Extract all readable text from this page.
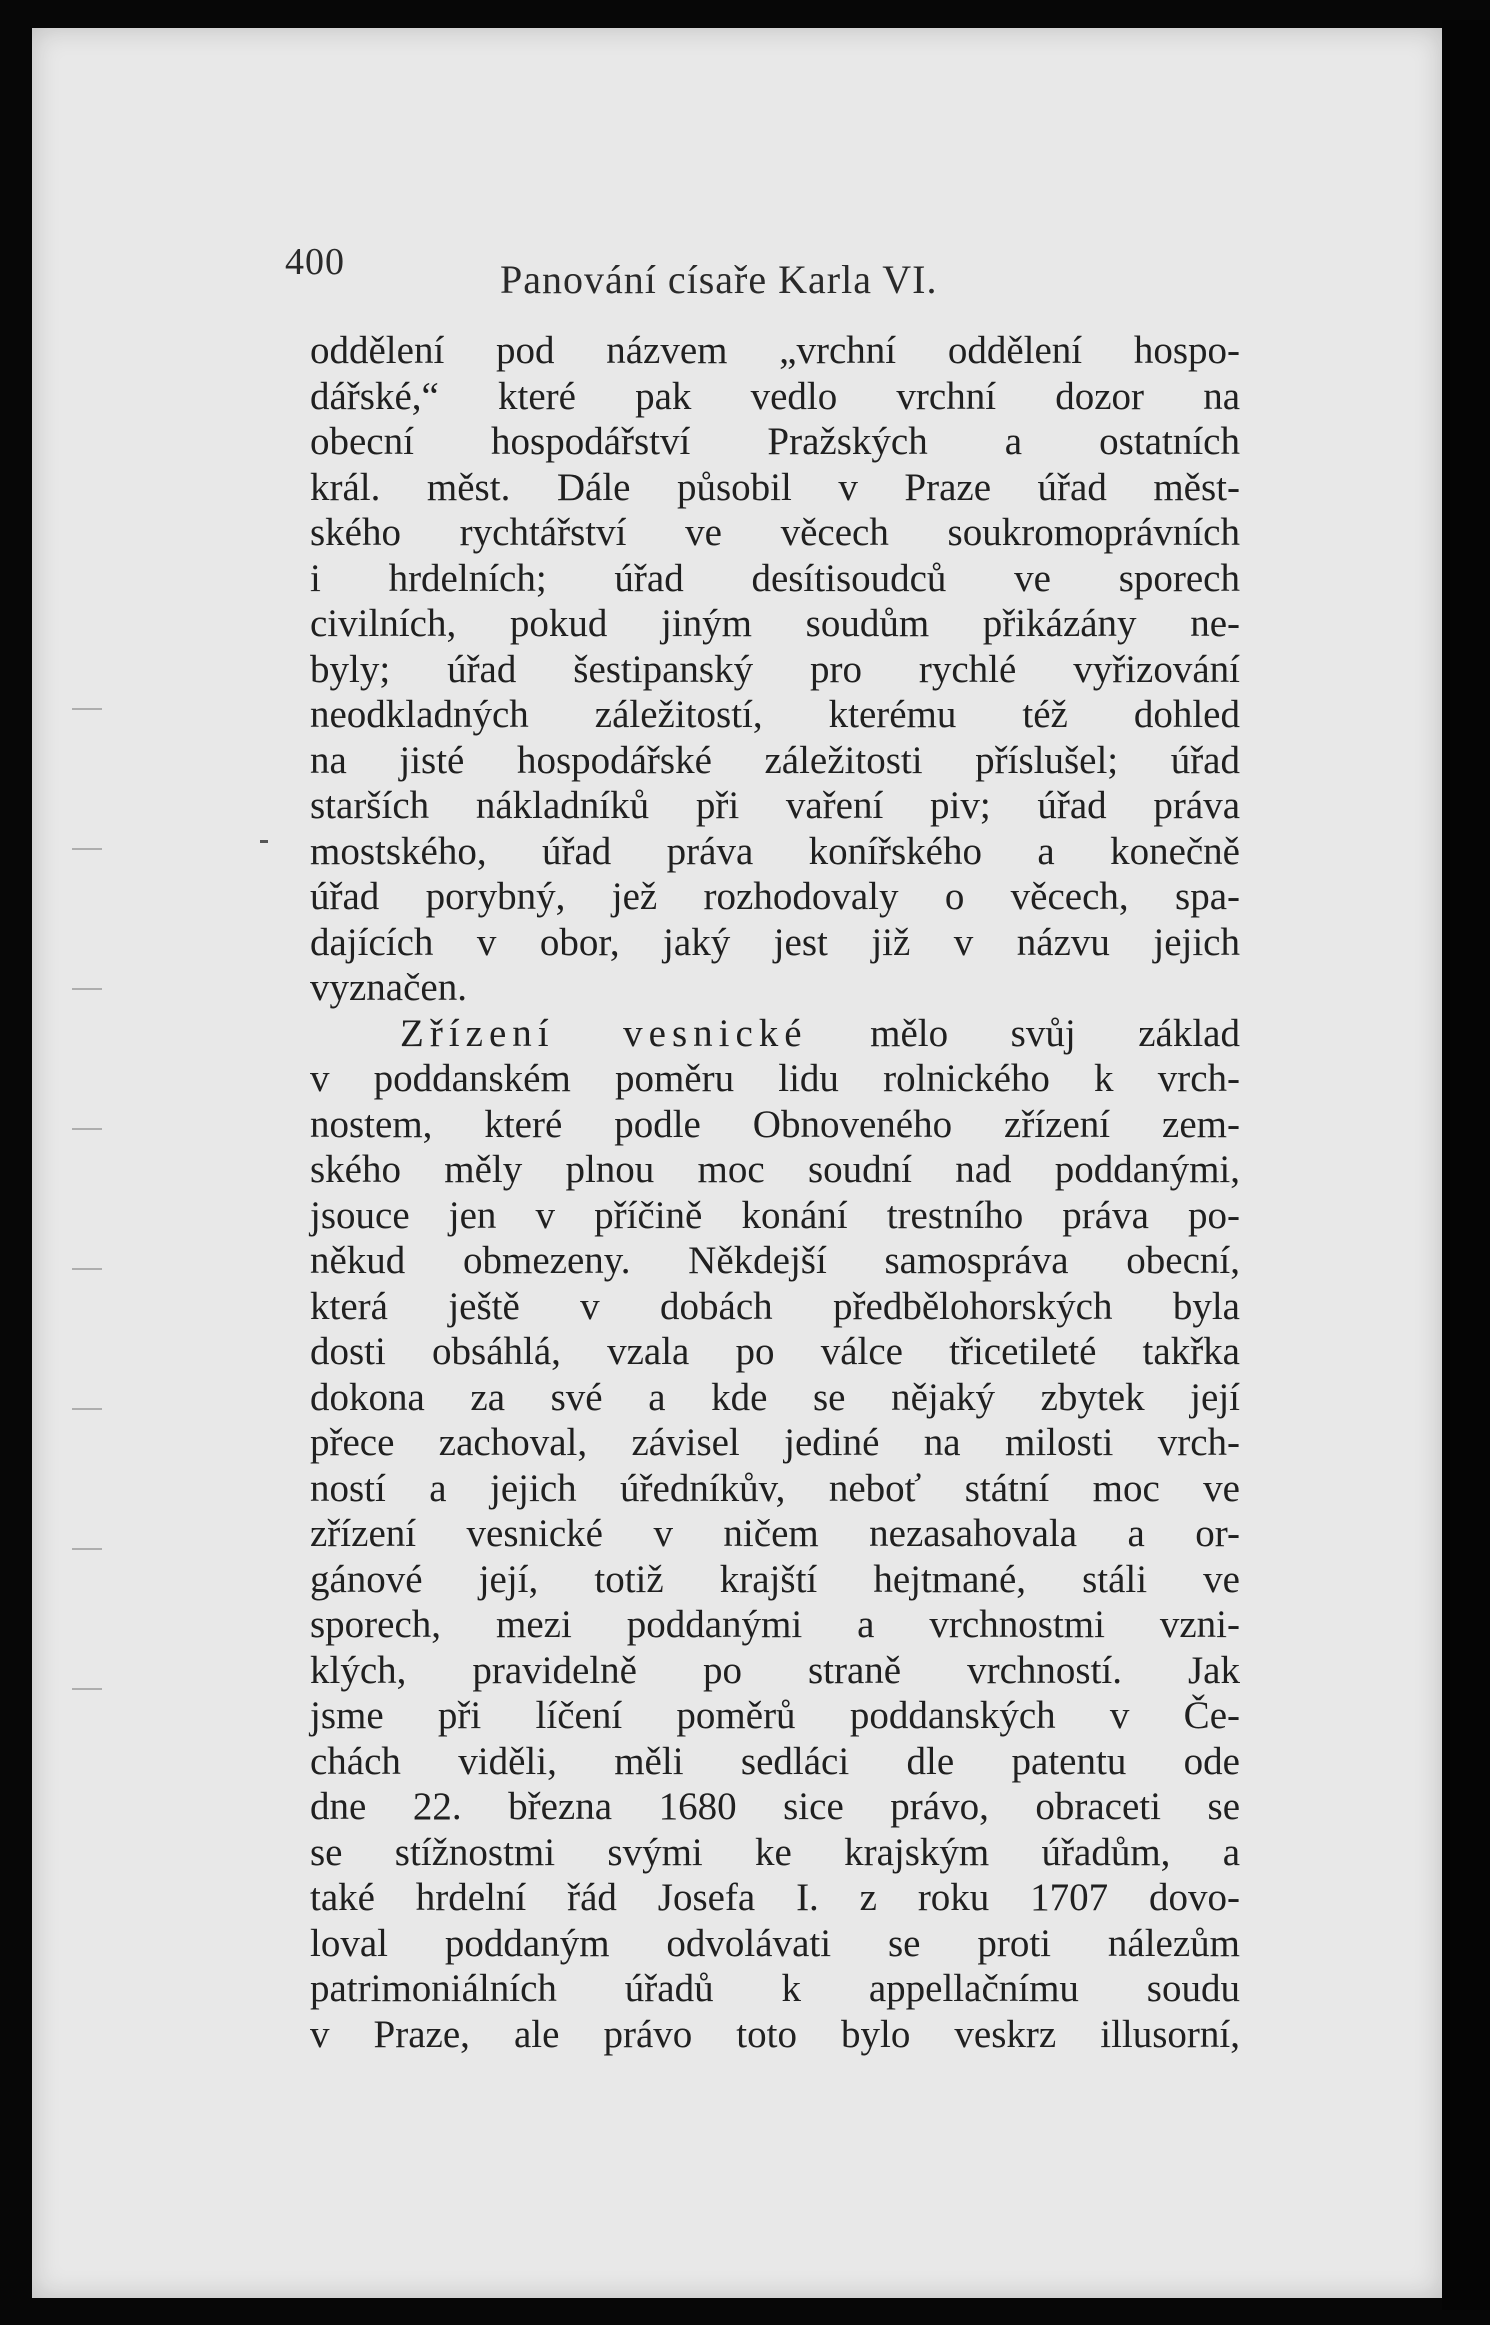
400	Panování císaře Karla VI.
oddělení pod názvem „vrchní oddělení hospo-
dářské,“ které pak vedlo vrchní dozor na
obecní hospodářství Pražských a ostatních
král. měst. Dále působil v Praze úřad měst-
ského rychtářství ve věcech soukromoprávních
i hrdelních; úřad desítisoudců ve sporech
civilních, pokud jiným soudům přikázány ne-
byly; úřad šestipanský pro rychlé vyřizování
neodkladných záležitostí, kterému též dohled
na jisté hospodářské záležitosti příslušel; úřad
starších nákladníků při vaření piv; úřad práva
mostského, úřad práva konířského a konečně
úřad porybný, jež rozhodovaly o věcech, spa-
dajících v obor, jaký jest již v názvu jejich
vyznačen.
Zřízení vesnické mělo svůj základ
v poddanském poměru lidu rolnického k vrch-
nostem, které podle Obnoveného zřízení zem-
ského měly plnou moc soudní nad poddanými,
jsouce jen v příčině konání trestního práva po-
někud obmezeny. Někdejší samospráva obecní,
která ještě v dobách předbělohorských byla
dosti obsáhlá, vzala po válce třicetileté takřka
dokona za své a kde se nějaký zbytek její
přece zachoval, závisel jediné na milosti vrch-
ností a jejich úředníkův, neboť státní moc ve
zřízení vesnické v ničem nezasahovala a or-
gánové její, totiž krajští hejtmané, stáli ve
sporech, mezi poddanými a vrchnostmi vzni-
klých, pravidelně po straně vrchností. Jak
jsme při líčení poměrů poddanských v Če-
chách viděli, měli sedláci dle patentu ode
dne 22. března 1680 sice právo, obraceti se
se stížnostmi svými ke krajským úřadům, a
také hrdelní řád Josefa I. z roku 1707 dovo-
loval poddaným odvolávati se proti nálezům
patrimoniálních úřadů k appellačnímu soudu
v Praze, ale právo toto bylo veskrz illusorní,
